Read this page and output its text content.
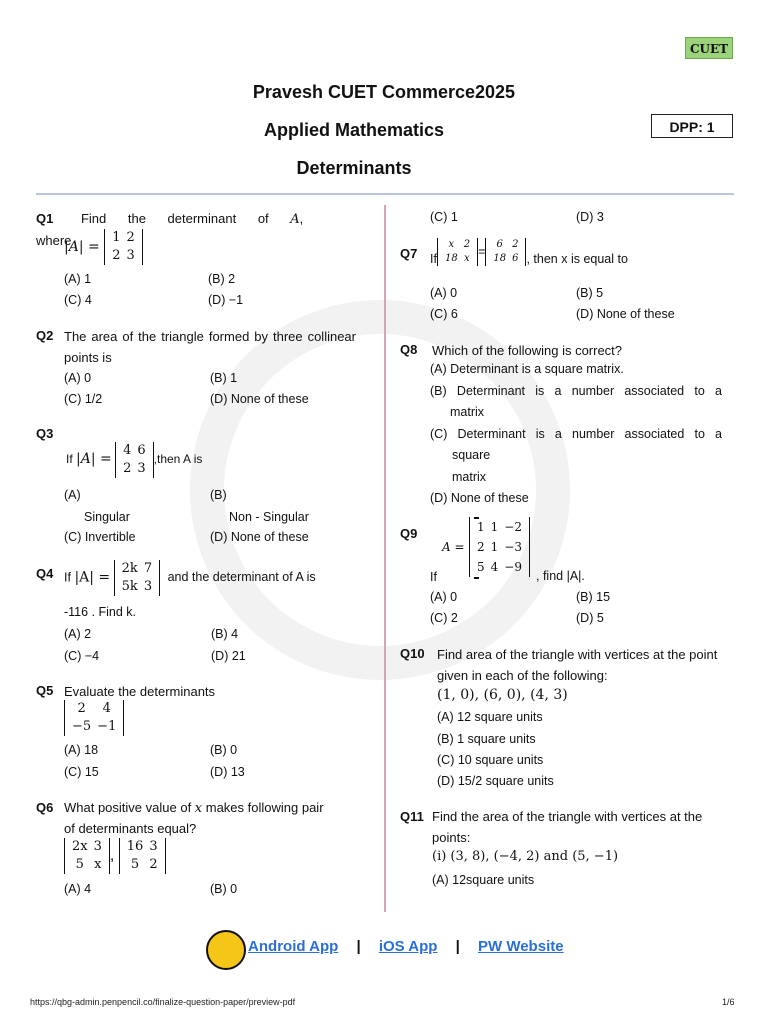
CUET
Pravesh CUET Commerce2025
Applied Mathematics
Determinants
DPP: 1
Q1 Find the determinant of A, where
|A| =
1	2
2	3
(A) 1	(B) 2
(C) 4	(D) −1
Q2 The area of the triangle formed by three collinear points is
(A) 0	(B) 1
(C) 1/2	(D) None of these
Q3
If |A| =
4	6
2	3
,then A is
(A)	(B)
Singular	Non - Singular
(C) Invertible	(D) None of these
Q4 If |A| =
2k	7
5k	3
and the determinant of A is
-116 . Find k.
(A) 2	(B) 4
(C) −4	(D) 21
Q5 Evaluate the determinants
2	4
−5	−1
(A) 18	(B) 0
(C) 15	(D) 13
Q6 What positive value of x makes following pair
of determinants equal?
2x	3
5	x
,
16	3
5	2
(A) 4	(B) 0
(C) 1	(D) 3
Q7 If
x	2
18	x
= 6	2
18	6 , then x is equal to
(A) 0	(B) 5
(C) 6	(D) None of these
Q8 Which of the following is correct?
(A) Determinant is a square matrix.
(B) Determinant is a number associated to a
matrix
(C) Determinant is a number associated to a
square
matrix
(D) None of these
Q9
A =
1	1	−2
2	1	−3
5	4	−9
If	, find |A|.
(A) 0	(B) 15
(C) 2	(D) 5
Q10 Find area of the triangle with vertices at the point given in each of the following:
(1, 0), (6, 0), (4, 3)
(A) 12 square units
(B) 1 square units
(C) 10 square units
(D) 15/2 square units
Q11 Find the area of the triangle with vertices at the points:
(i) (3, 8), (−4, 2) and (5, −1)
(A) 12square units
Android App | iOS App | PW Website
https://qbg-admin.penpencil.co/finalize-question-paper/preview-pdf	1/6
